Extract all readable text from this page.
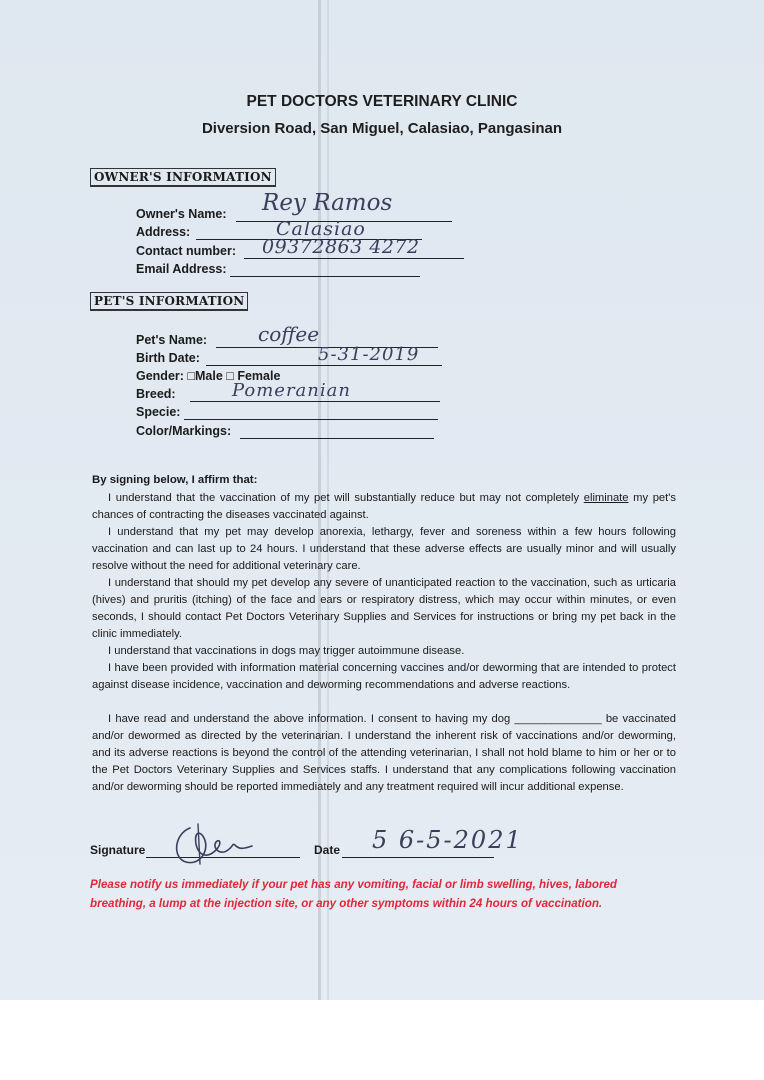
PET DOCTORS VETERINARY CLINIC
Diversion Road, San Miguel, Calasiao, Pangasinan
OWNER'S INFORMATION
Owner's Name: Rey Ramos
Address:	Calasiao
Contact number: 09372863 4272
Email Address:
PET'S INFORMATION
Pet's Name:	coffee
Birth Date:	5-31-2019
Gender: □Male □ Female
Breed:	Pomeranian
Specie:
Color/Markings:
By signing below, I affirm that:

I understand that the vaccination of my pet will substantially reduce but may not completely eliminate my pet's chances of contracting the diseases vaccinated against.

I understand that my pet may develop anorexia, lethargy, fever and soreness within a few hours following vaccination and can last up to 24 hours. I understand that these adverse effects are usually minor and will usually resolve without the need for additional veterinary care.

I understand that should my pet develop any severe of unanticipated reaction to the vaccination, such as urticaria (hives) and pruritis (itching) of the face and ears or respiratory distress, which may occur within minutes, or even seconds, I should contact Pet Doctors Veterinary Supplies and Services for instructions or bring my pet back in the clinic immediately.

I understand that vaccinations in dogs may trigger autoimmune disease.

I have been provided with information material concerning vaccines and/or deworming that are intended to protect against disease incidence, vaccination and deworming recommendations and adverse reactions.

I have read and understand the above information. I consent to having my dog ______________ be vaccinated and/or dewormed as directed by the veterinarian. I understand the inherent risk of vaccinations and/or deworming, and its adverse reactions is beyond the control of the attending veterinarian, I shall not hold blame to him or her or to the Pet Doctors Veterinary Supplies and Services staffs. I understand that any complications following vaccination and/or deworming should be reported immediately and any treatment required will incur additional expense.

Signature	Date 5 6-5-2021

Please notify us immediately if your pet has any vomiting, facial or limb swelling, hives, labored breathing, a lump at the injection site, or any other symptoms within 24 hours of vaccination.
